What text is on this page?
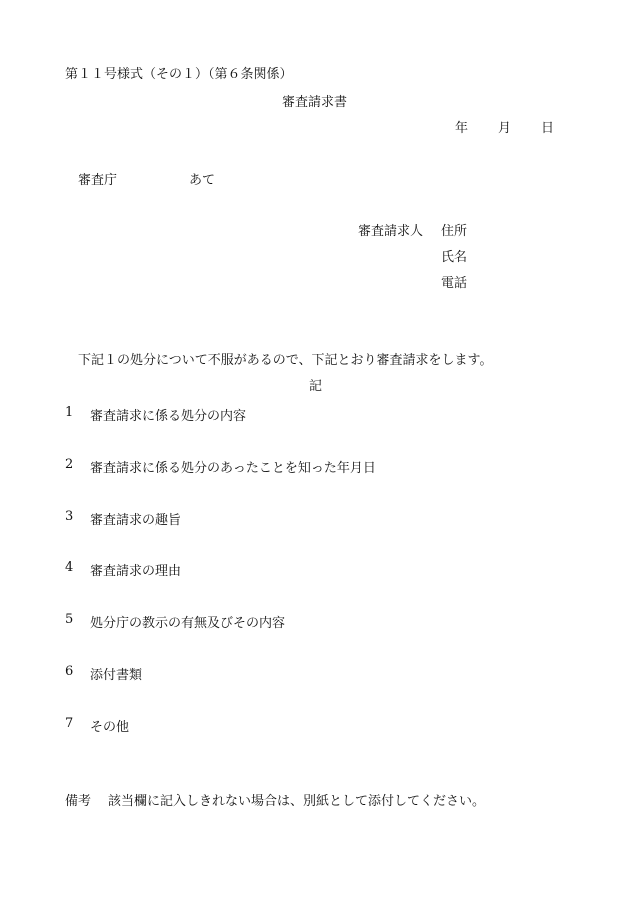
第１１号様式（その１）（第６条関係）
審査請求書
年 月 日
審査庁	あて
審査請求人 住所
氏名
電話
下記１の処分について不服があるので、下記とおり審査請求をします。
記
1 審査請求に係る処分の内容
2 審査請求に係る処分のあったことを知った年月日
3 審査請求の趣旨
4 審査請求の理由
5 処分庁の教示の有無及びその内容
6 添付書類
7 その他
備考 該当欄に記入しきれない場合は、別紙として添付してください。
